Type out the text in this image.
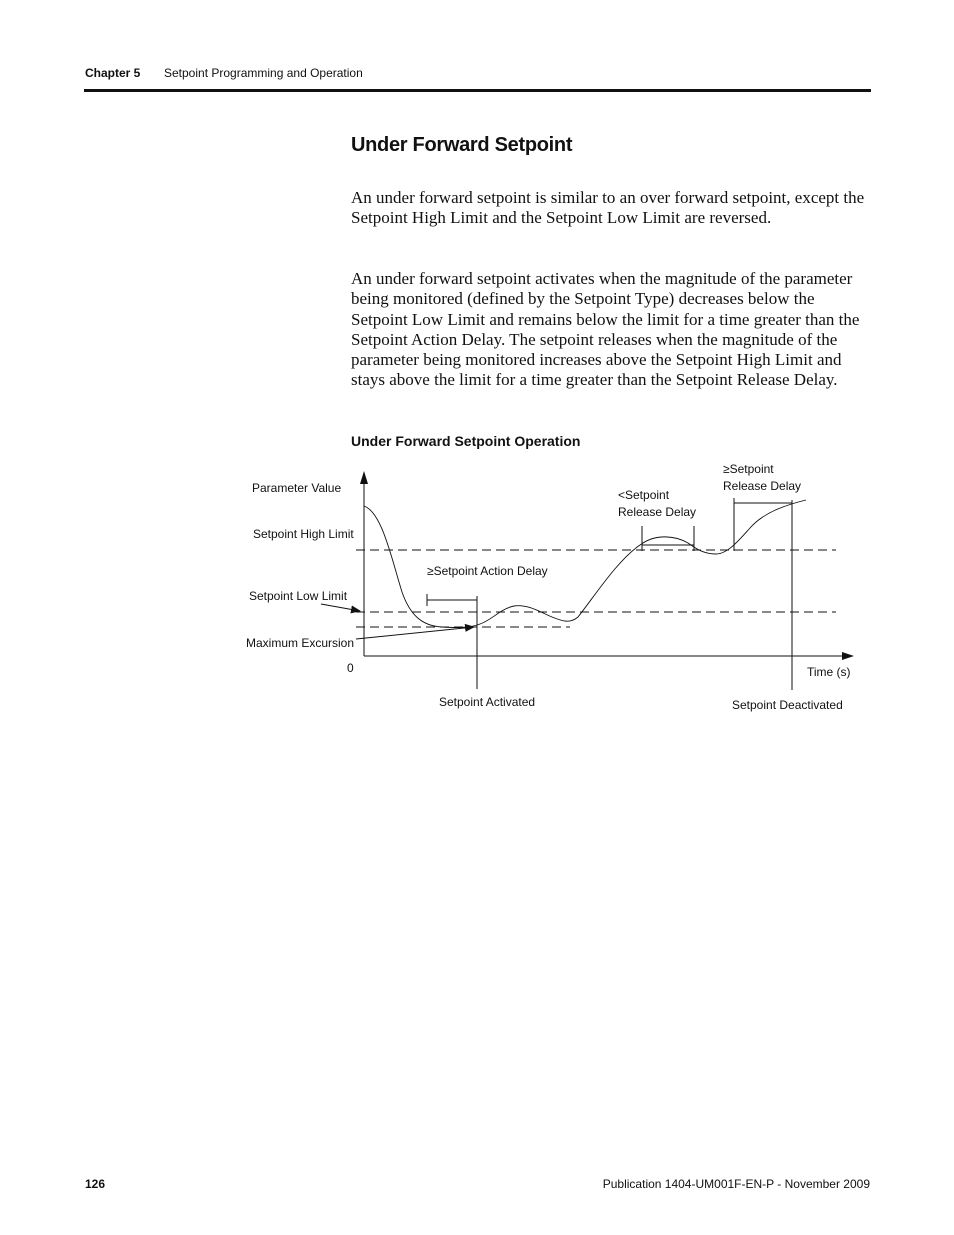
Chapter 5 Setpoint Programming and Operation
Under Forward Setpoint

An under forward setpoint is similar to an over forward setpoint, except the Setpoint High Limit and the Setpoint Low Limit are reversed.

An under forward setpoint activates when the magnitude of the parameter being monitored (defined by the Setpoint Type) decreases below the Setpoint Low Limit and remains below the limit for a time greater than the Setpoint Action Delay. The setpoint releases when the magnitude of the parameter being monitored increases above the Setpoint High Limit and stays above the limit for a time greater than the Setpoint Release Delay.

Under Forward Setpoint Operation
Parameter Value
Setpoint High Limit
Setpoint Low Limit
Maximum Excursion
0	Time (s)
≥Setpoint Action Delay
<Setpoint
Release Delay
≥Setpoint
Release Delay
Setpoint Activated	Setpoint Deactivated
126	Publication 1404-UM001F-EN-P - November 2009
